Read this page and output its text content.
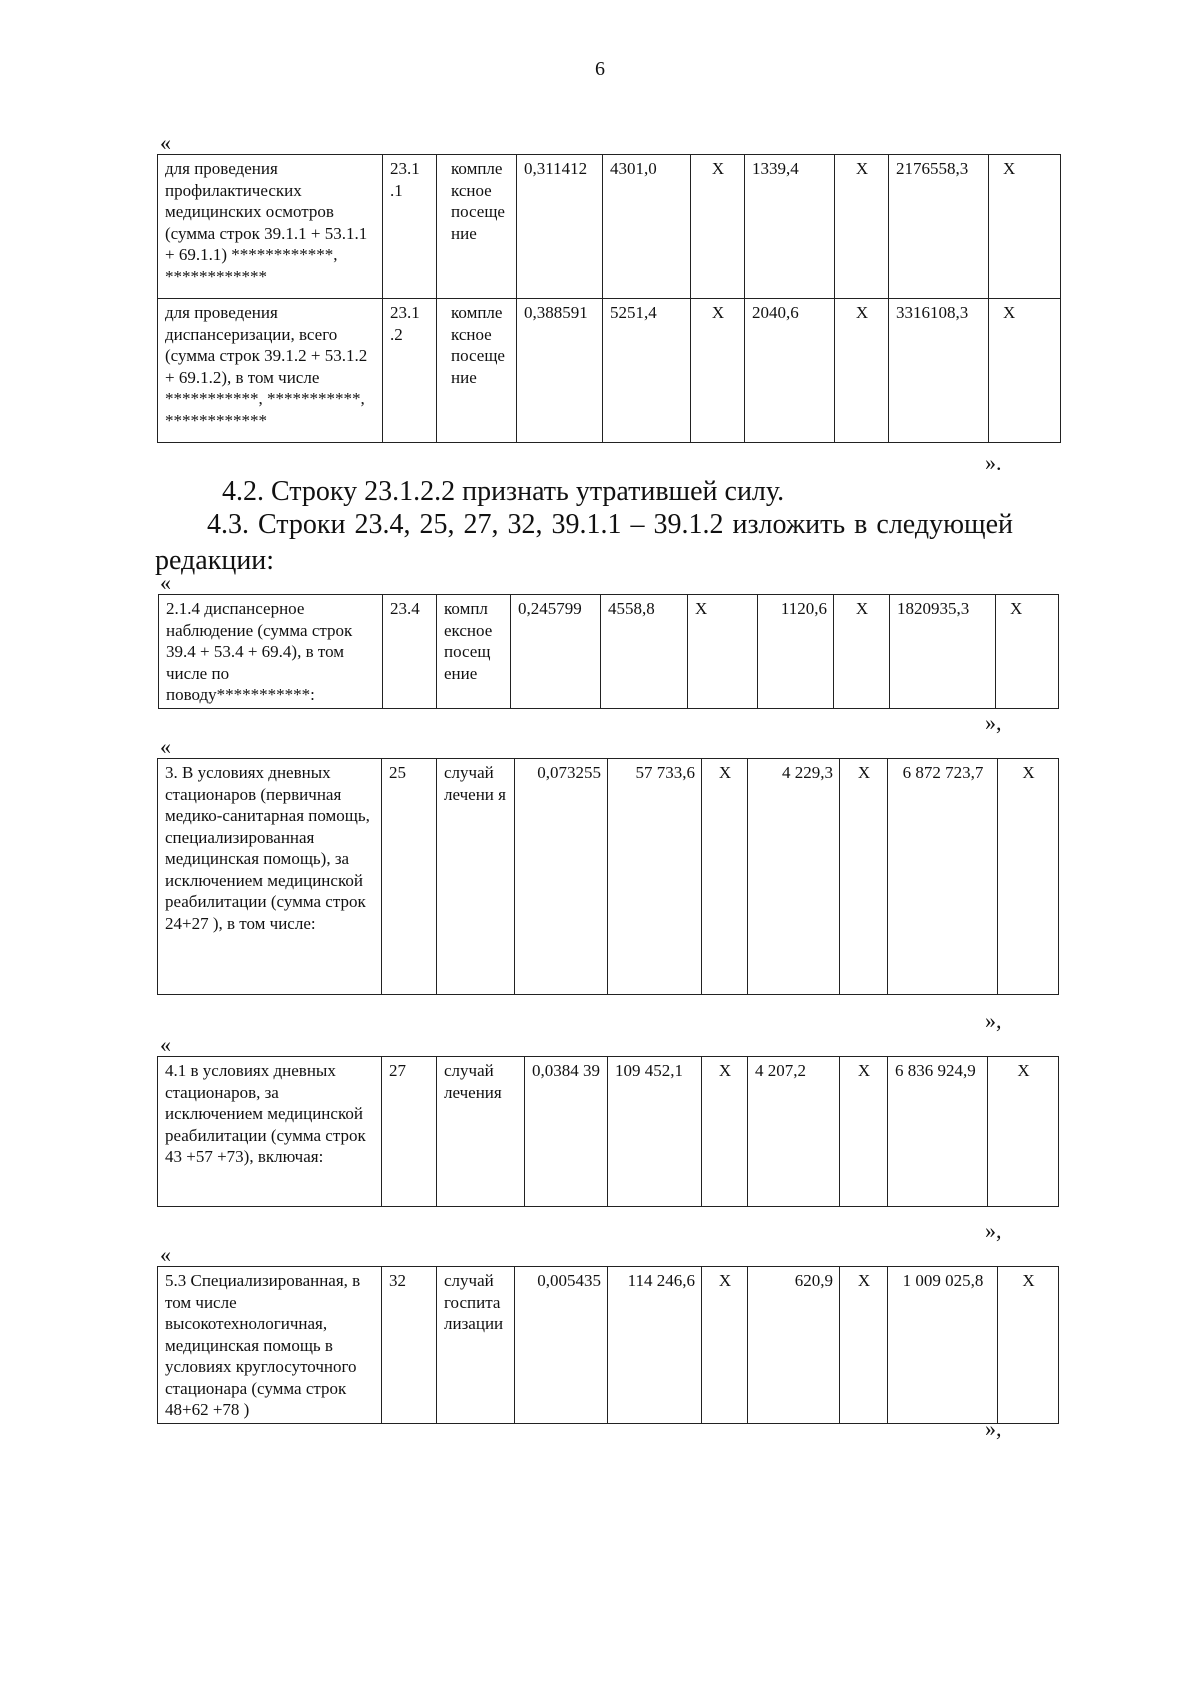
6
«
для проведения профилактических медицинских осмотров (сумма строк 39.1.1 + 53.1.1 + 69.1.1) ************, ************	23.1 .1	компле ксное посеще ние	0,311412	4301,0	X	1339,4	X	2176558,3	X
для проведения диспансеризации, всего (сумма строк 39.1.2 + 53.1.2 + 69.1.2), в том числе ***********, ***********, ************	23.1 .2	компле ксное посеще ние	0,388591	5251,4	X	2040,6	X	3316108,3	X
».
4.2. Строку 23.1.2.2 признать утратившей силу.
4.3. Строки 23.4, 25, 27, 32, 39.1.1 – 39.1.2 изложить в следующей редакции:
«
2.1.4 диспансерное наблюдение (сумма строк 39.4 + 53.4 + 69.4), в том числе по поводу***********:	23.4	компл ексное посещ ение	0,245799	4558,8	X	1120,6	X	1820935,3	X
»,
«
3. В условиях дневных стационаров (первичная медико-санитарная помощь, специализированная медицинская помощь), за исключением медицинской реабилитации (сумма строк 24+27 ), в том числе:	25	случай лечени я	0,073255	57 733,6	X	4 229,3	X	6 872 723,7	X
»,
«
4.1 в условиях дневных стационаров, за исключением медицинской реабилитации (сумма строк 43 +57 +73), включая:	27	случай лечения	0,0384 39	109 452,1	X	4 207,2	X	6 836 924,9	X
»,
«
5.3 Специализированная, в том числе высокотехнологичная, медицинская помощь в условиях круглосуточного стационара (сумма строк 48+62 +78 )	32	случай госпита лизации	0,005435	114 246,6	X	620,9	X	1 009 025,8	X
»,
